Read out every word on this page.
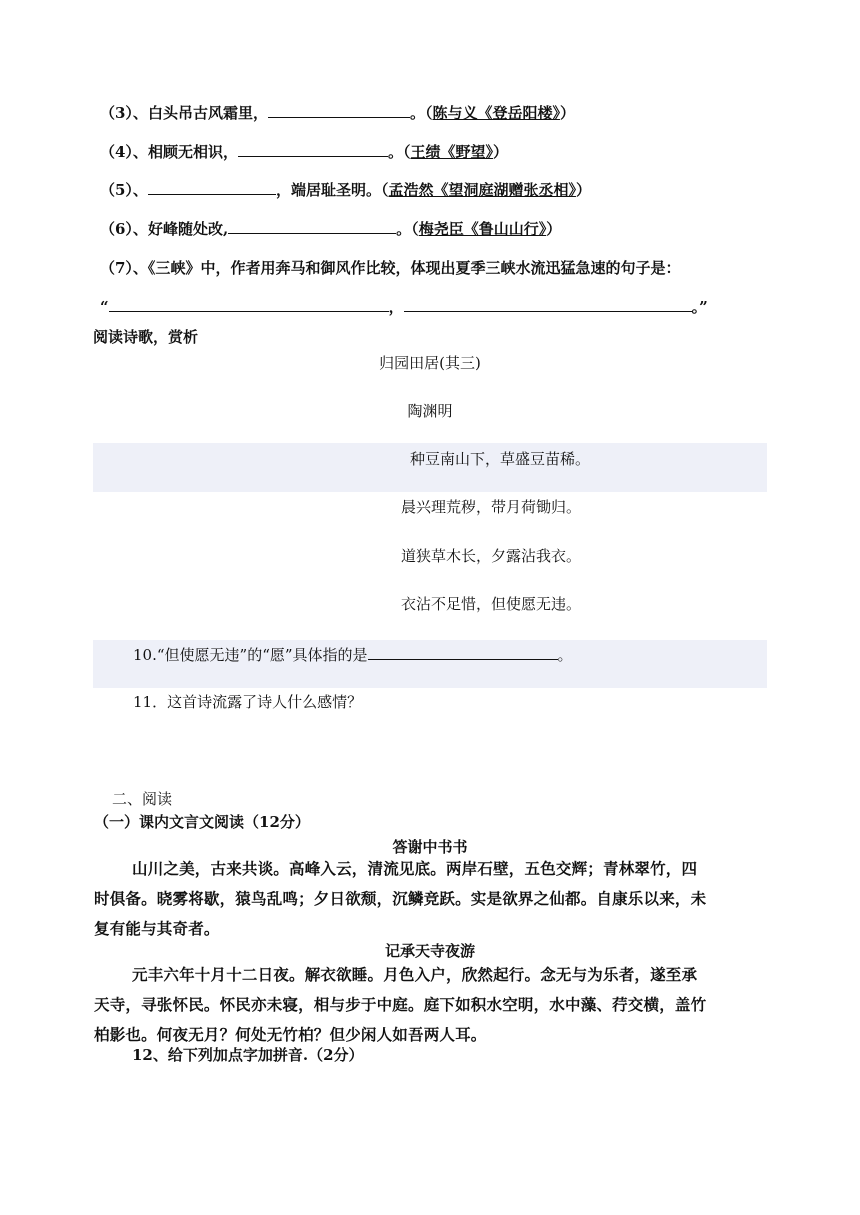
（3）、白头吊古风霜里，	。（陈与义《登岳阳楼》）
（4）、相顾无相识，	。（王绩《野望》）
（5）、	，端居耻圣明。（孟浩然《望洞庭湖赠张丞相》）
（6）、好峰随处改,	。（梅尧臣《鲁山山行》）
（7）、《三峡》中，作者用奔马和御风作比较，体现出夏季三峡水流迅猛急速的句子是：
“	，	。”
阅读诗歌，赏析
归园田居(其三)
陶渊明
种豆南山下，草盛豆苗稀。
晨兴理荒秽，带月荷锄归。
道狭草木长，夕露沾我衣。
衣沾不足惜，但使愿无违。
10.“但使愿无违”的“愿”具体指的是	。
11．这首诗流露了诗人什么感情？
二、阅读
（一）课内文言文阅读（12分）
答谢中书书
山川之美，古来共谈。高峰入云，清流见底。两岸石壁，五色交辉；青林翠竹，四
时俱备。晓雾将歇，猿鸟乱鸣；夕日欲颓，沉鳞竞跃。实是欲界之仙都。自康乐以来，未
复有能与其奇者。
记承天寺夜游
元丰六年十月十二日夜。解衣欲睡。月色入户，欣然起行。念无与为乐者，遂至承
天寺，寻张怀民。怀民亦未寝，相与步于中庭。庭下如积水空明，水中藻、荇交横，盖竹
柏影也。何夜无月？何处无竹柏？但少闲人如吾两人耳。
12、给下列加点字加拼音.（2分）
